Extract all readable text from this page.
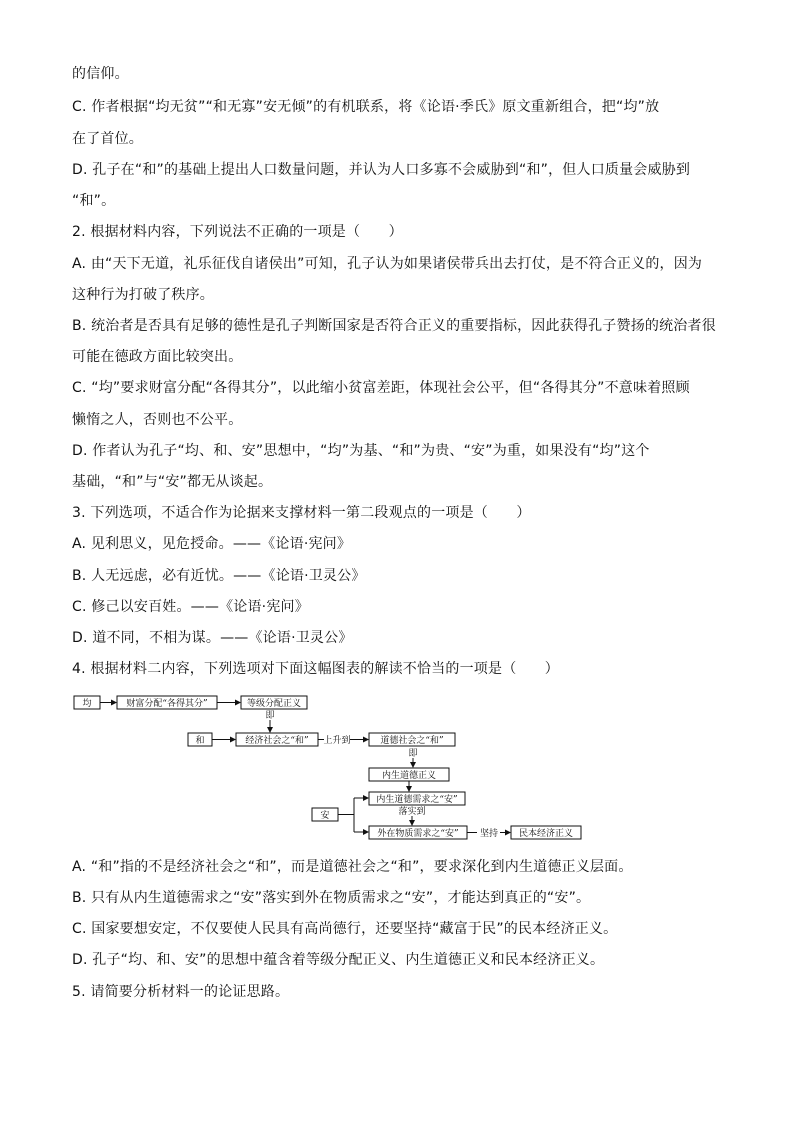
的信仰。
C. 作者根据“均无贫”“和无寡”安无倾”的有机联系，将《论语·季氏》原文重新组合，把“均”放
在了首位。
D. 孔子在“和”的基础上提出人口数量问题，并认为人口多寡不会威胁到“和”，但人口质量会威胁到
“和”。
2. 根据材料内容，下列说法不正确的一项是（　　）
A. 由“天下无道，礼乐征伐自诸侯出”可知，孔子认为如果诸侯带兵出去打仗，是不符合正义的，因为
这种行为打破了秩序。
B. 统治者是否具有足够的德性是孔子判断国家是否符合正义的重要指标，因此获得孔子赞扬的统治者很
可能在德政方面比较突出。
C. “均”要求财富分配“各得其分”，以此缩小贫富差距，体现社会公平，但“各得其分”不意味着照顾
懒惰之人，否则也不公平。
D. 作者认为孔子“均、和、安”思想中，“均”为基、“和”为贵、“安”为重，如果没有“均”这个
基础，“和”与“安”都无从谈起。
3. 下列选项，不适合作为论据来支撑材料一第二段观点的一项是（　　）
A. 见利思义，见危授命。——《论语·宪问》
B. 人无远虑，必有近忧。——《论语·卫灵公》
C. 修己以安百姓。——《论语·宪问》
D. 道不同，不相为谋。——《论语·卫灵公》
4. 根据材料二内容，下列选项对下面这幅图表的解读不恰当的一项是（　　）
均	财富分配“各得其分”	等级分配正义
即
和	经济社会之“和” 上升到	道德社会之“和”
即
内生道德正义
安
内生道德需求之“安”
落实到
外在物质需求之“安” 坚持 民本经济正义
A. “和”指的不是经济社会之“和”，而是道德社会之“和”，要求深化到内生道德正义层面。
B. 只有从内生道德需求之“安”落实到外在物质需求之“安”，才能达到真正的“安”。
C. 国家要想安定，不仅要使人民具有高尚德行，还要坚持“藏富于民”的民本经济正义。
D. 孔子“均、和、安”的思想中蕴含着等级分配正义、内生道德正义和民本经济正义。
5. 请简要分析材料一的论证思路。
